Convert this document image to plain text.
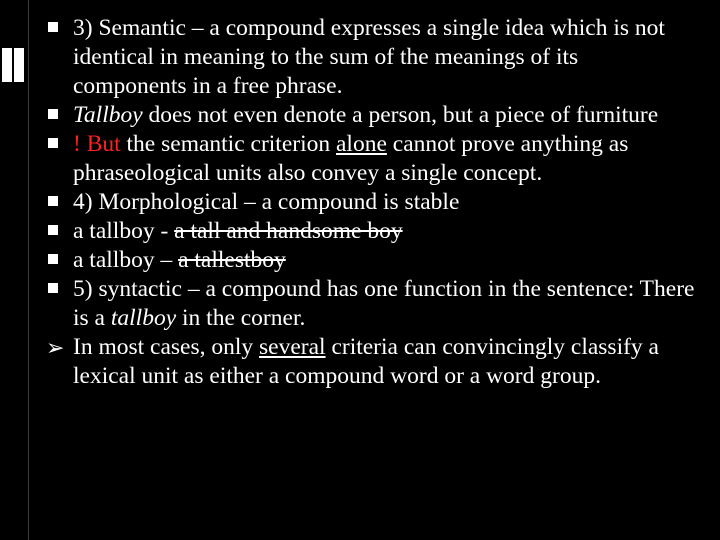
3) Semantic – a compound expresses a single idea which is not identical in meaning to the sum of the meanings of its components in a free phrase.

Tallboy does not even denote a person, but a piece of furniture

! But the semantic criterion alone cannot prove anything as phraseological units also convey a single concept.

4) Morphological – a compound is stable

a tallboy - a tall and handsome boy

a tallboy – a tallestboy

5) syntactic – a compound has one function in the sentence: There is a tallboy in the corner.

➢ In most cases, only several criteria can convincingly classify a lexical unit as either a compound word or a word group.
